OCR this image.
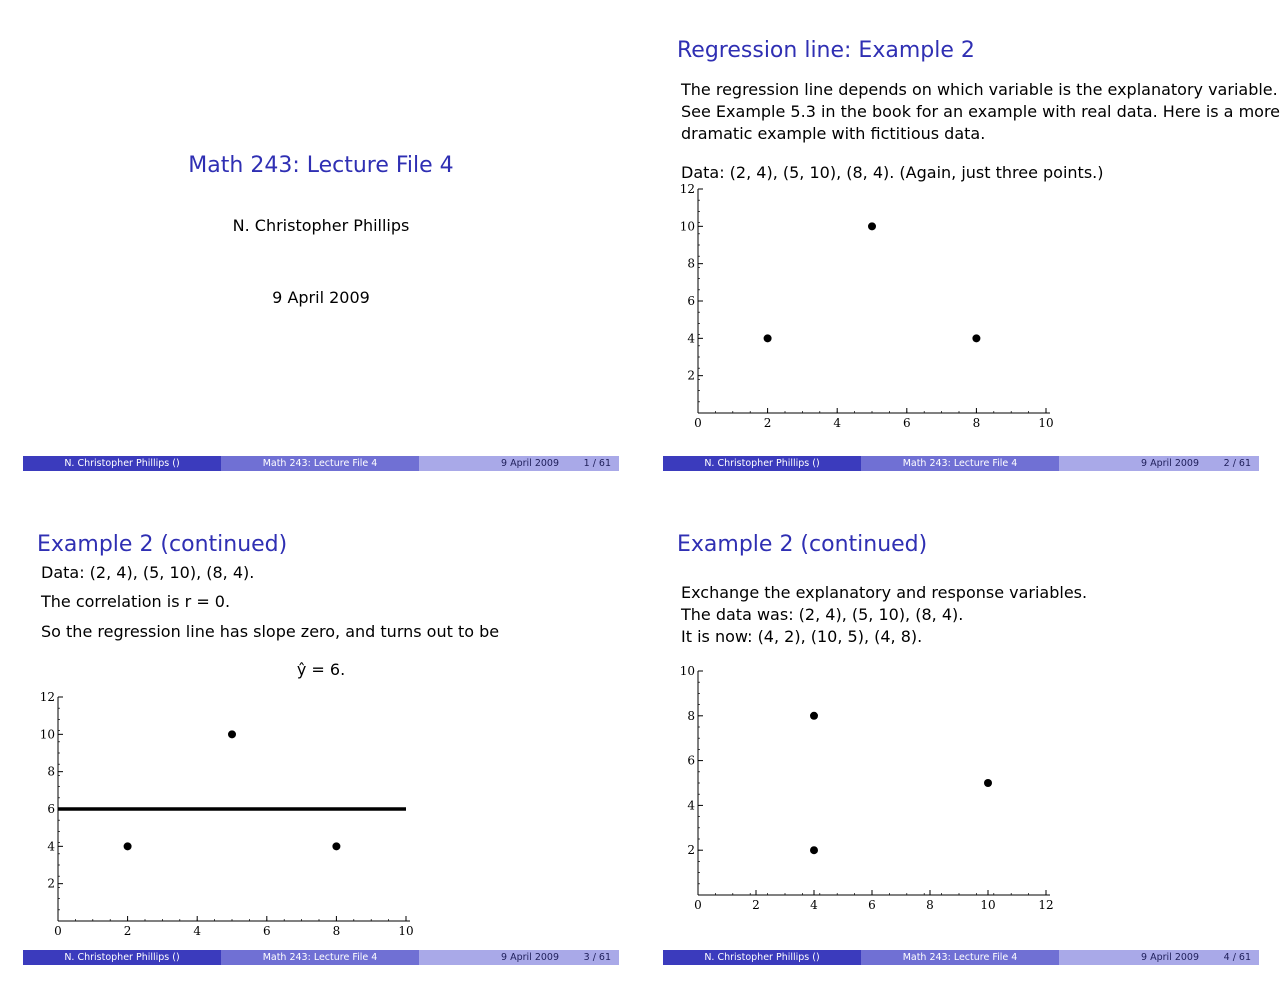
Math 243: Lecture File 4
N. Christopher Phillips
9 April 2009
N. Christopher Phillips ()	Math 243: Lecture File 4	9 April 2009	1 / 61
Regression line: Example 2
The regression line depends on which variable is the explanatory variable.
See Example 5.3 in the book for an example with real data. Here is a more
dramatic example with fictitious data.
Data: (2, 4), (5, 10), (8, 4). (Again, just three points.)
0	2	4	6	8	10
2
4
6
8
10
12
N. Christopher Phillips ()	Math 243: Lecture File 4	9 April 2009	2 / 61
Example 2 (continued)
Data: (2, 4), (5, 10), (8, 4).
The correlation is r = 0.
So the regression line has slope zero, and turns out to be
ŷ = 6.
0	2	4	6	8	10
2
4
6
8
10
12
N. Christopher Phillips ()	Math 243: Lecture File 4	9 April 2009	3 / 61
Example 2 (continued)
Exchange the explanatory and response variables.
The data was: (2, 4), (5, 10), (8, 4).
It is now: (4, 2), (10, 5), (4, 8).
0	2	4	6	8	10	12
2
4
6
8
10
N. Christopher Phillips ()	Math 243: Lecture File 4	9 April 2009	4 / 61
